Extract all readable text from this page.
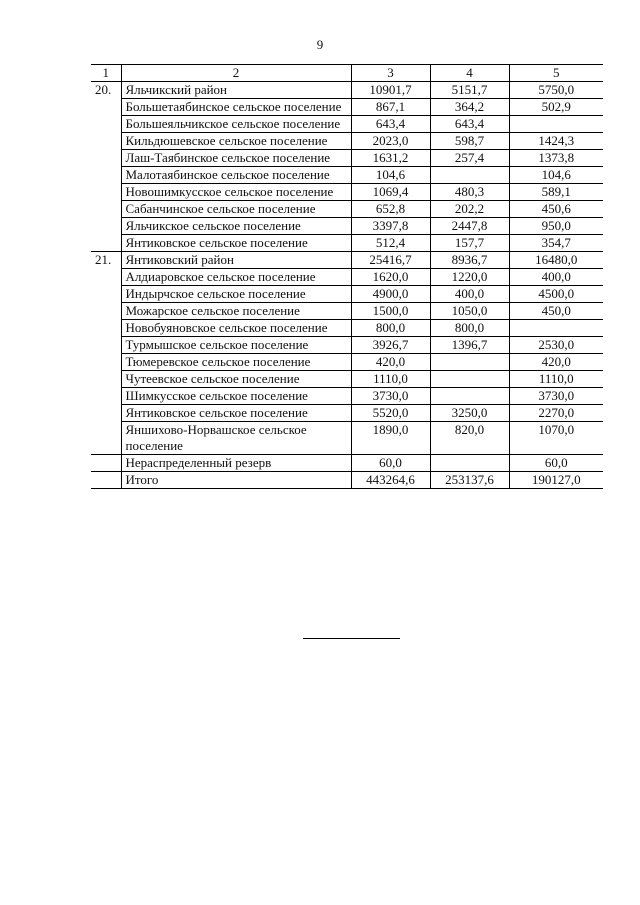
9
1	2	3	4	5
20.	Яльчикский район	10901,7	5151,7	5750,0
	Большетаябинское сельское поселение	867,1	364,2	502,9
	Большеяльчикское сельское поселение	643,4	643,4	
	Кильдюшевское сельское поселение	2023,0	598,7	1424,3
	Лаш-Таябинское сельское поселение	1631,2	257,4	1373,8
	Малотаябинское сельское поселение	104,6		104,6
	Новошимкусское сельское поселение	1069,4	480,3	589,1
	Сабанчинское сельское поселение	652,8	202,2	450,6
	Яльчикское сельское поселение	3397,8	2447,8	950,0
	Янтиковское сельское поселение	512,4	157,7	354,7
21.	Янтиковский район	25416,7	8936,7	16480,0
	Алдиаровское сельское поселение	1620,0	1220,0	400,0
	Индырчское сельское поселение	4900,0	400,0	4500,0
	Можарское сельское поселение	1500,0	1050,0	450,0
	Новобуяновское сельское поселение	800,0	800,0	
	Турмышское сельское поселение	3926,7	1396,7	2530,0
	Тюмеревское сельское поселение	420,0		420,0
	Чутеевское сельское поселение	1110,0		1110,0
	Шимкусское сельское поселение	3730,0		3730,0
	Янтиковское сельское поселение	5520,0	3250,0	2270,0
	Яншихово-Норвашское сельское поселение	1890,0	820,0	1070,0
	Нераспределенный резерв	60,0		60,0
	Итого	443264,6	253137,6	190127,0
